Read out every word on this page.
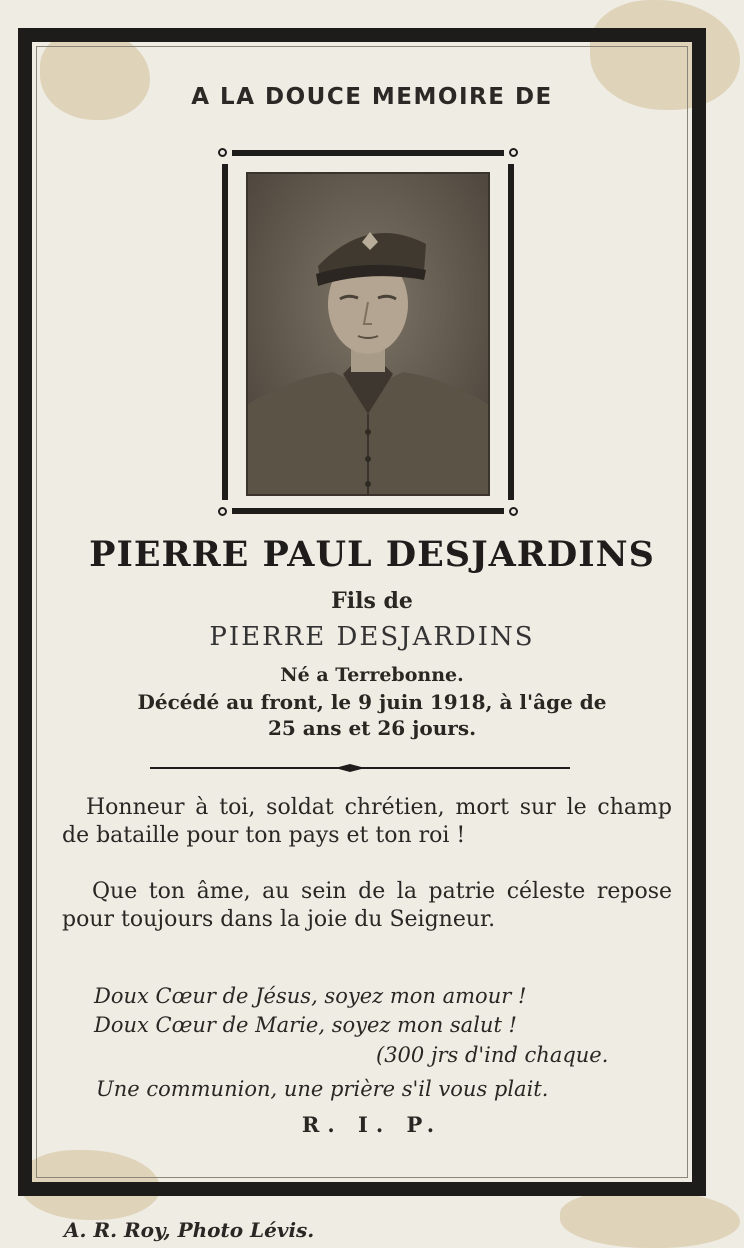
A LA DOUCE MEMOIRE DE
PIERRE PAUL DESJARDINS
Fils de
PIERRE DESJARDINS
Né a Terrebonne.
Décédé au front, le 9 juin 1918, à l'âge de
25 ans et 26 jours.
Honneur à toi, soldat chrétien, mort sur le champ de bataille pour ton pays et ton roi !
Que ton âme, au sein de la patrie céleste repose pour toujours dans la joie du Seigneur.
Doux Cœur de Jésus, soyez mon amour !
Doux Cœur de Marie, soyez mon salut !
(300 jrs d'ind chaque.
Une communion, une prière s'il vous plait.
R. I. P.
A. R. Roy, Photo Lévis.
